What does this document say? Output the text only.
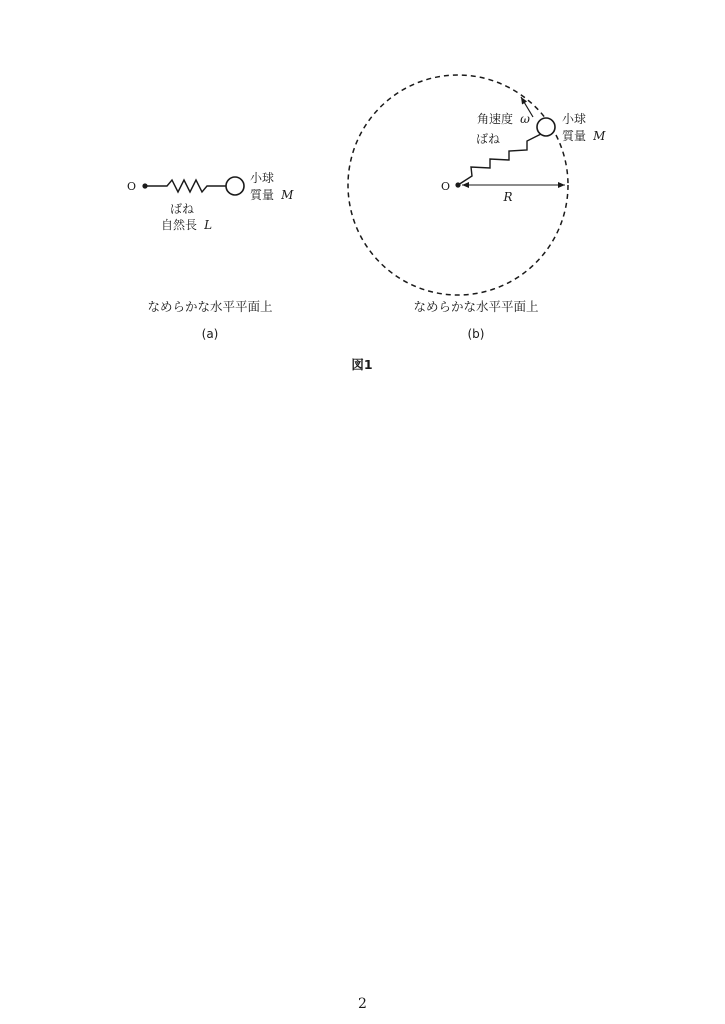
O
小球
質量 M
ばね
自然長 L
なめらかな水平平面上
(a)
O
R
角速度 ω
ばね
小球
質量 M
なめらかな水平平面上
(b)
図1
2
